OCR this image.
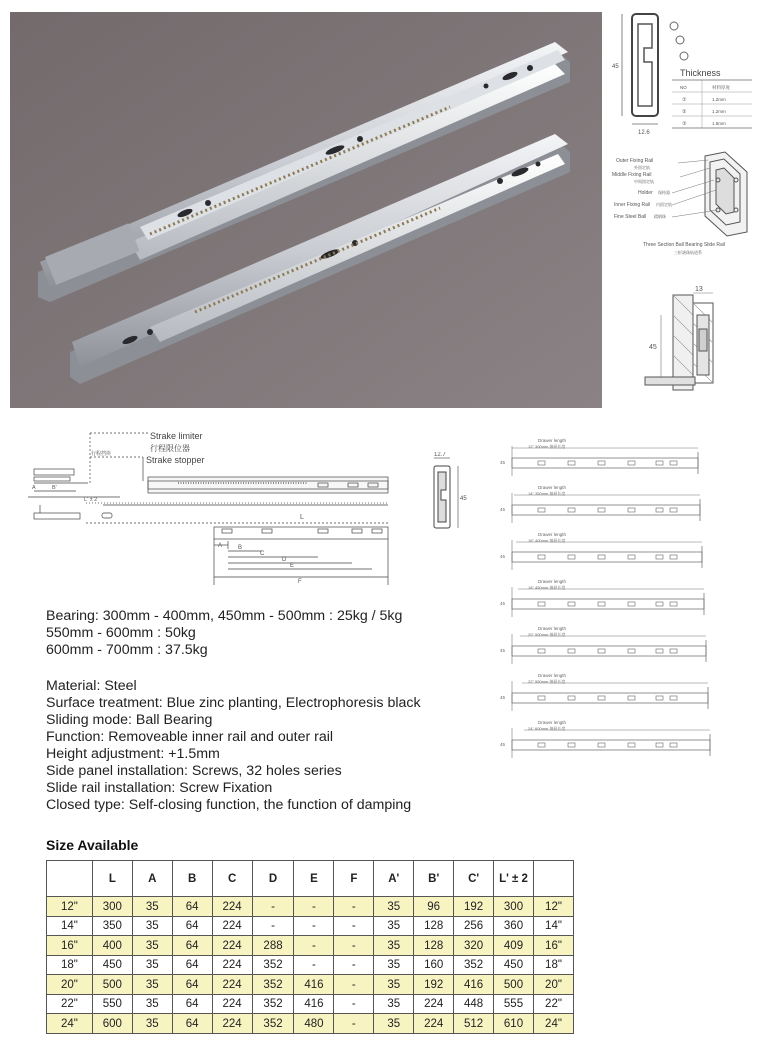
45
12.6
Thickness
NO	材料厚度
①	1.2mm
②	1.2mm
③	1.5mm
Outer Fixing Rail
外固定轨
Middle Fixing Rail
中间固定轨
Holder 保持器
Inner Fixing Rail 内固定轨
Fine Steel Ball 精钢珠
Three Section Ball Bearing Slide Rail
三折滚珠轨道系
13
45
Strake limiter
行程限位器
Strake stopper
行程挡块
A	B'
L' ± 2
L
A	B
C
D
E
F
12.7
45
Drawer length
12" 300mm 抽屉长度
45
Drawer length
14" 350mm 抽屉长度
45
Drawer length
16" 400mm 抽屉长度
45
Drawer length
18" 450mm 抽屉长度
45
Drawer length
20" 500mm 抽屉长度
45
Drawer length
22" 550mm 抽屉长度
45
Drawer length
24" 600mm 抽屉长度
45
Bearing: 300mm - 400mm, 450mm - 500mm : 25kg / 5kg
550mm - 600mm : 50kg
600mm - 700mm : 37.5kg
Material: Steel
Surface treatment: Blue zinc planting, Electrophoresis black
Sliding mode: Ball Bearing
Function: Removeable inner rail and outer rail
Height adjustment: +1.5mm
Side panel installation: Screws, 32 holes series
Slide rail installation: Screw Fixation
Closed type: Self-closing function, the function of damping
Size Available
	L	A	B	C	D	E	F	A'	B'	C'	L' ± 2	
12"	300	35	64	224	-	-	-	35	96	192	300	12"
14"	350	35	64	224	-	-	-	35	128	256	360	14"
16"	400	35	64	224	288	-	-	35	128	320	409	16"
18"	450	35	64	224	352	-	-	35	160	352	450	18"
20"	500	35	64	224	352	416	-	35	192	416	500	20"
22"	550	35	64	224	352	416	-	35	224	448	555	22"
24"	600	35	64	224	352	480	-	35	224	512	610	24"
